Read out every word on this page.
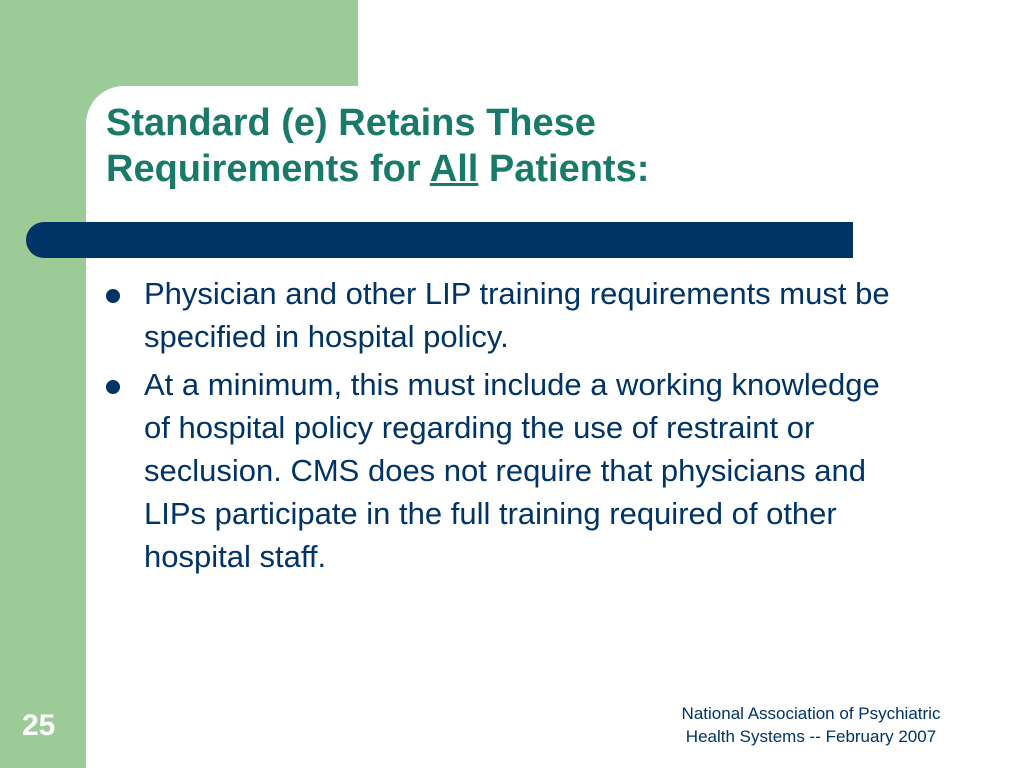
Standard (e) Retains These
Requirements for All Patients:
Physician and other LIP training requirements must be specified in hospital policy.
At a minimum, this must include a working knowledge of hospital policy regarding the use of restraint or seclusion. CMS does not require that physicians and LIPs participate in the full training required of other hospital staff.
25	National Association of Psychiatric
Health Systems -- February 2007
